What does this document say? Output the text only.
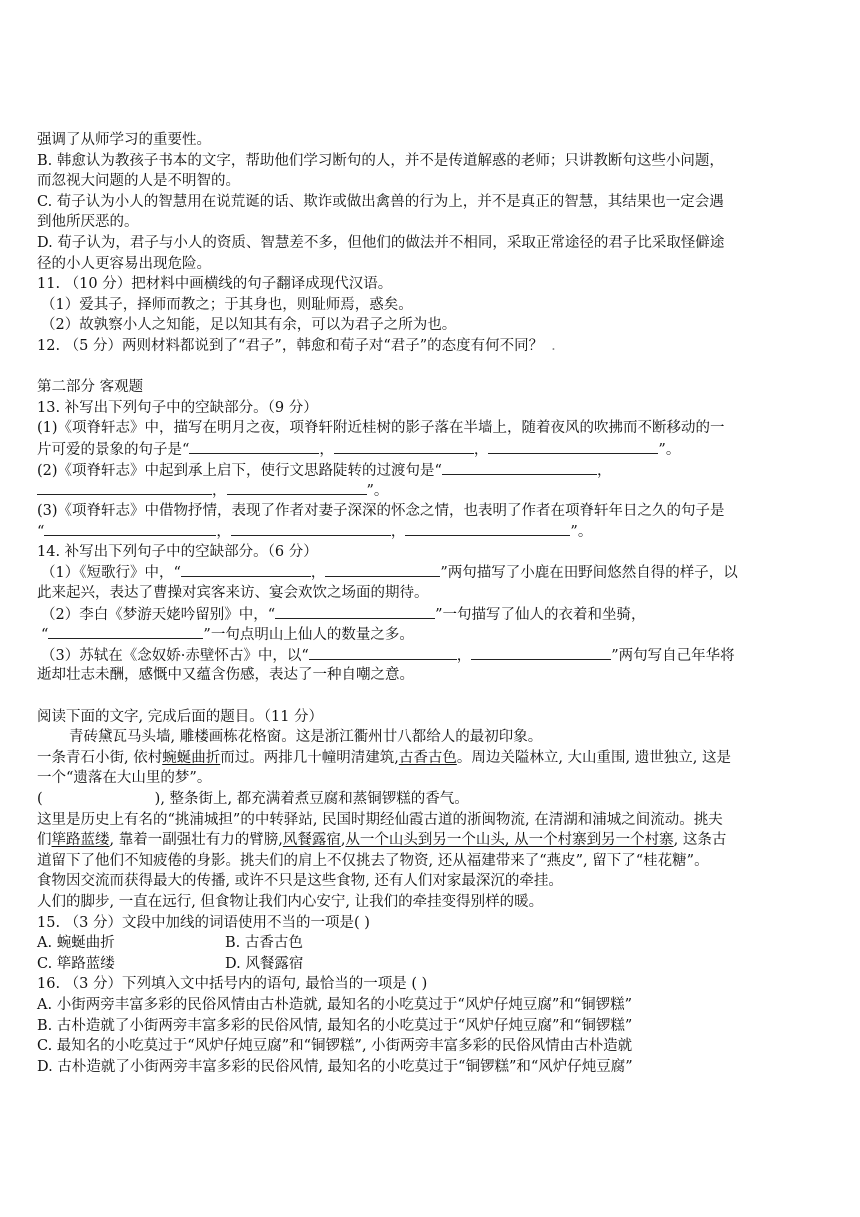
强调了从师学习的重要性。
B. 韩愈认为教孩子书本的文字，帮助他们学习断句的人，并不是传道解惑的老师；只讲教断句这些小问题，
而忽视大问题的人是不明智的。
C. 荀子认为小人的智慧用在说荒诞的话、欺诈或做出禽兽的行为上，并不是真正的智慧，其结果也一定会遇
到他所厌恶的。
D. 荀子认为，君子与小人的资质、智慧差不多，但他们的做法并不相同，采取正常途径的君子比采取怪僻途
径的小人更容易出现危险。
11. （10 分）把材料中画横线的句子翻译成现代汉语。
（1）爱其子，择师而教之；于其身也，则耻师焉，惑矣。
（2）故孰察小人之知能，足以知其有余，可以为君子之所为也。
12. （5 分）两则材料都说到了“君子”，韩愈和荀子对“君子”的态度有何不同？ .
第二部分 客观题
13. 补写出下列句子中的空缺部分。（9 分）
(1)《项脊轩志》中，描写在明月之夜，项脊轩附近桂树的影子落在半墙上，随着夜风的吹拂而不断移动的一
片可爱的景象的句子是“	，	，	”。
(2)《项脊轩志》中起到承上启下，使行文思路陡转的过渡句是“	，
，	”。
(3)《项脊轩志》中借物抒情，表现了作者对妻子深深的怀念之情，也表明了作者在项脊轩年日之久的句子是
“	，	，	”。
14. 补写出下列句子中的空缺部分。（6 分）
（1）《短歌行》中，“	，	”两句描写了小鹿在田野间悠然自得的样子，以
此来起兴，表达了曹操对宾客来访、宴会欢饮之场面的期待。
（2）李白《梦游天姥吟留别》中，“	”一句描写了仙人的衣着和坐骑，
“	”一句点明山上仙人的数量之多。
（3）苏轼在《念奴娇·赤壁怀古》中，以“	，	”两句写自己年华将
逝却壮志未酬，感慨中又蕴含伤感，表达了一种自嘲之意。
阅读下面的文字, 完成后面的题目。（11 分）
青砖黛瓦马头墙, 雕楼画栋花格窗。这是浙江衢州廿八都给人的最初印象。
一条青石小街, 依村蜿蜒曲折而过。两排几十幢明清建筑,古香古色。周边关隘林立, 大山重围, 遗世独立, 这是
一个“遗落在大山里的梦”。
(	), 整条街上, 都充满着煮豆腐和蒸铜锣糕的香气。
这里是历史上有名的“挑浦城担”的中转驿站, 民国时期经仙霞古道的浙闽物流, 在清湖和浦城之间流动。挑夫
们筚路蓝缕, 靠着一副强壮有力的臂膀,风餐露宿,从一个山头到另一个山头, 从一个村寨到另一个村寨, 这条古
道留下了他们不知疲倦的身影。挑夫们的肩上不仅挑去了物资, 还从福建带来了“燕皮”, 留下了“桂花糖”。
食物因交流而获得最大的传播, 或许不只是这些食物, 还有人们对家最深沉的牵挂。
人们的脚步, 一直在远行, 但食物让我们内心安宁, 让我们的牵挂变得别样的暖。
15. （3 分）文段中加线的词语使用不当的一项是( )
A. 蜿蜒曲折	B. 古香古色
C. 筚路蓝缕	D. 风餐露宿
16. （3 分）下列填入文中括号内的语句, 最恰当的一项是 ( )
A. 小街两旁丰富多彩的民俗风情由古朴造就, 最知名的小吃莫过于“风炉仔炖豆腐”和“铜锣糕”
B. 古朴造就了小街两旁丰富多彩的民俗风情, 最知名的小吃莫过于“风炉仔炖豆腐”和“铜锣糕”
C. 最知名的小吃莫过于“风炉仔炖豆腐”和“铜锣糕”, 小街两旁丰富多彩的民俗风情由古朴造就
D. 古朴造就了小街两旁丰富多彩的民俗风情, 最知名的小吃莫过于“铜锣糕”和“风炉仔炖豆腐”
